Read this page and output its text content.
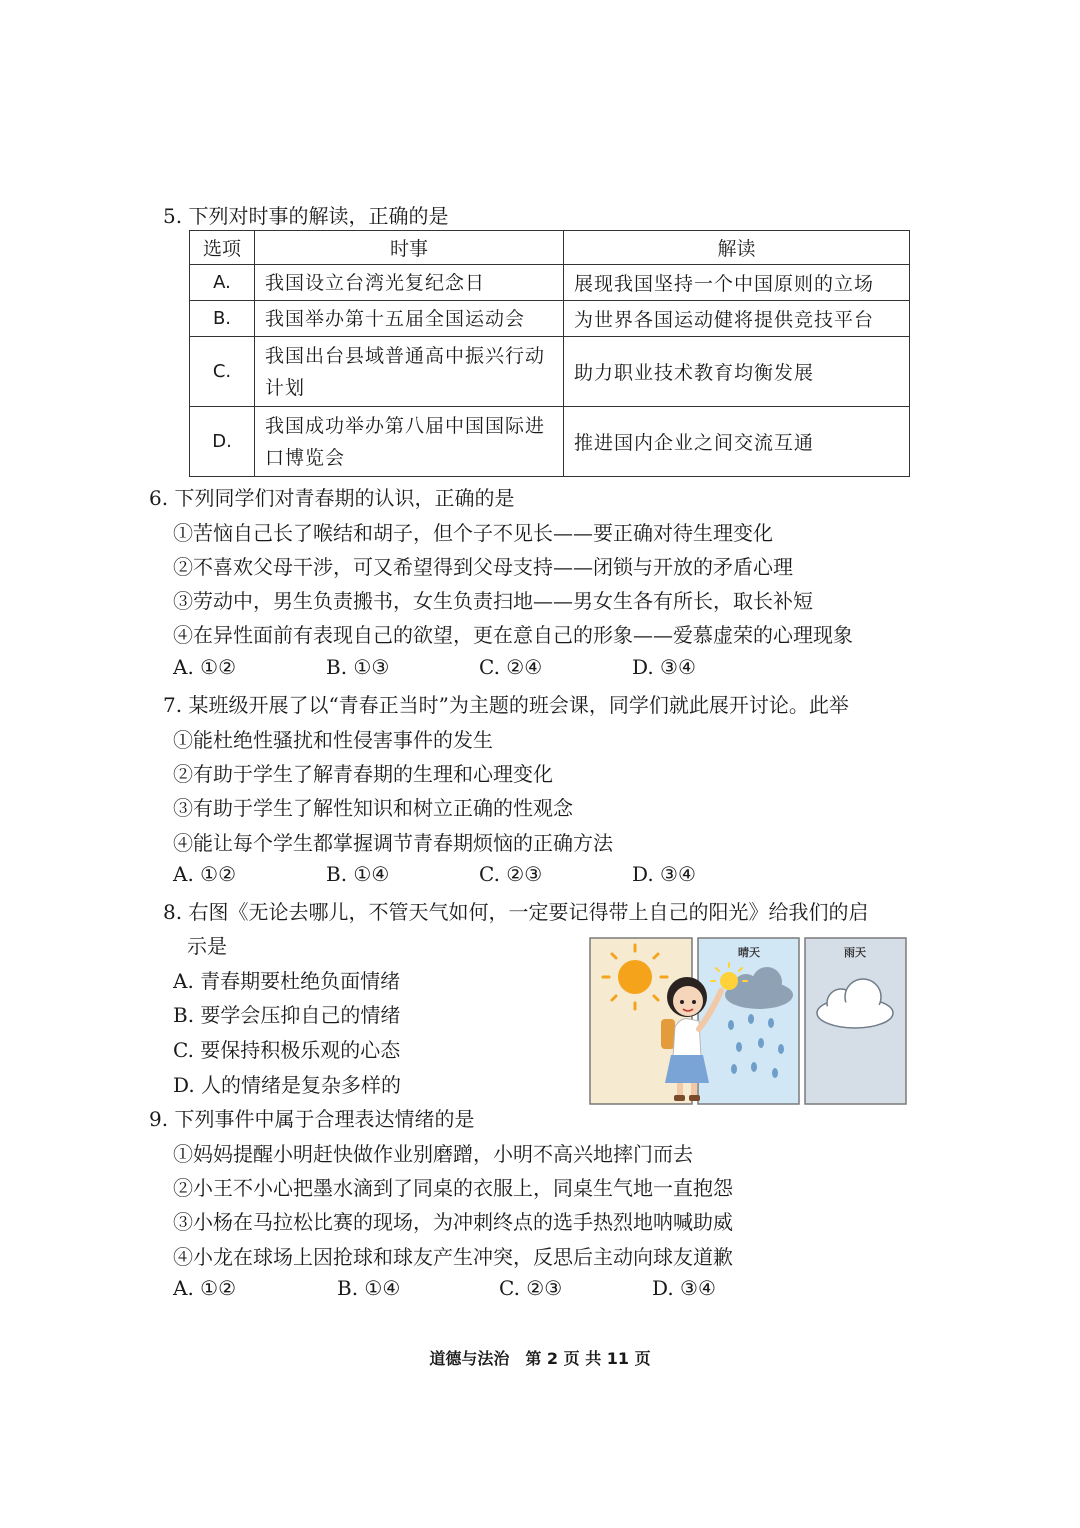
5. 下列对时事的解读，正确的是
选项	时事	解读
A.	我国设立台湾光复纪念日	展现我国坚持一个中国原则的立场
B.	我国举办第十五届全国运动会	为世界各国运动健将提供竞技平台
C.	我国出台县域普通高中振兴行动计划	助力职业技术教育均衡发展
D.	我国成功举办第八届中国国际进口博览会	推进国内企业之间交流互通
6. 下列同学们对青春期的认识，正确的是
①苦恼自己长了喉结和胡子，但个子不见长——要正确对待生理变化
②不喜欢父母干涉，可又希望得到父母支持——闭锁与开放的矛盾心理
③劳动中，男生负责搬书，女生负责扫地——男女生各有所长，取长补短
④在异性面前有表现自己的欲望，更在意自己的形象——爱慕虚荣的心理现象
A. ①②	B. ①③	C. ②④	D. ③④
7. 某班级开展了以“青春正当时”为主题的班会课，同学们就此展开讨论。此举
①能杜绝性骚扰和性侵害事件的发生
②有助于学生了解青春期的生理和心理变化
③有助于学生了解性知识和树立正确的性观念
④能让每个学生都掌握调节青春期烦恼的正确方法
A. ①②	B. ①④	C. ②③	D. ③④
8. 右图《无论去哪儿，不管天气如何，一定要记得带上自己的阳光》给我们的启
示是
A. 青春期要杜绝负面情绪
B. 要学会压抑自己的情绪
C. 要保持积极乐观的心态
D. 人的情绪是复杂多样的
晴天	雨天
9. 下列事件中属于合理表达情绪的是
①妈妈提醒小明赶快做作业别磨蹭，小明不高兴地摔门而去
②小王不小心把墨水滴到了同桌的衣服上，同桌生气地一直抱怨
③小杨在马拉松比赛的现场，为冲刺终点的选手热烈地呐喊助威
④小龙在球场上因抢球和球友产生冲突，反思后主动向球友道歉
A. ①②	B. ①④	C. ②③	D. ③④
道德与法治　第 2 页 共 11 页
